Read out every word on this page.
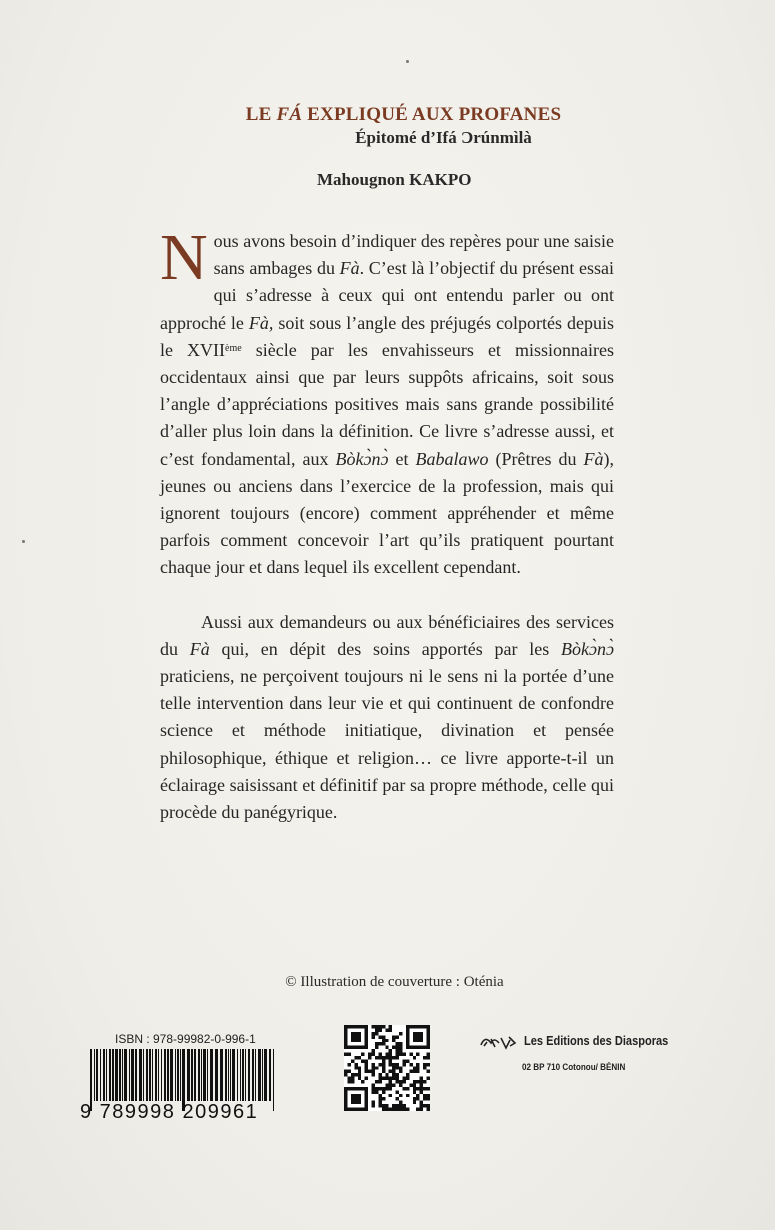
LE FÁ EXPLIQUÉ AUX PROFANES
Épitomé d’Ifá Ɔrúnmìlà
Mahougnon KAKPO

Nous avons besoin d’indiquer des repères pour une saisie sans ambages du Fà. C’est là l’objectif du présent essai qui s’adresse à ceux qui ont entendu parler ou ont approché le Fà, soit sous l’angle des préjugés colportés depuis le XVIIème siècle par les envahisseurs et missionnaires occidentaux ainsi que par leurs suppôts africains, soit sous l’angle d’appréciations positives mais sans grande possibilité d’aller plus loin dans la définition. Ce livre s’adresse aussi, et c’est fondamental, aux Bòkɔ̀nɔ̀ et Babalawo (Prêtres du Fà), jeunes ou anciens dans l’exercice de la profession, mais qui ignorent toujours (encore) comment appréhender et même parfois comment concevoir l’art qu’ils pratiquent pourtant chaque jour et dans lequel ils excellent cependant.

Aussi aux demandeurs ou aux bénéficiaires des services du Fà qui, en dépit des soins apportés par les Bòkɔ̀nɔ̀ praticiens, ne perçoivent toujours ni le sens ni la portée d’une telle intervention dans leur vie et qui continuent de confondre science et méthode initiatique, divination et pensée philosophique, éthique et religion… ce livre apporte-t-il un éclairage saisissant et définitif par sa propre méthode, celle qui procède du panégyrique.

© Illustration de couverture : Oténia
ISBN : 978-99982-0-996-1
9 789998 209961
Les Editions des Diasporas
02 BP 710 Cotonou/ BÉNIN
